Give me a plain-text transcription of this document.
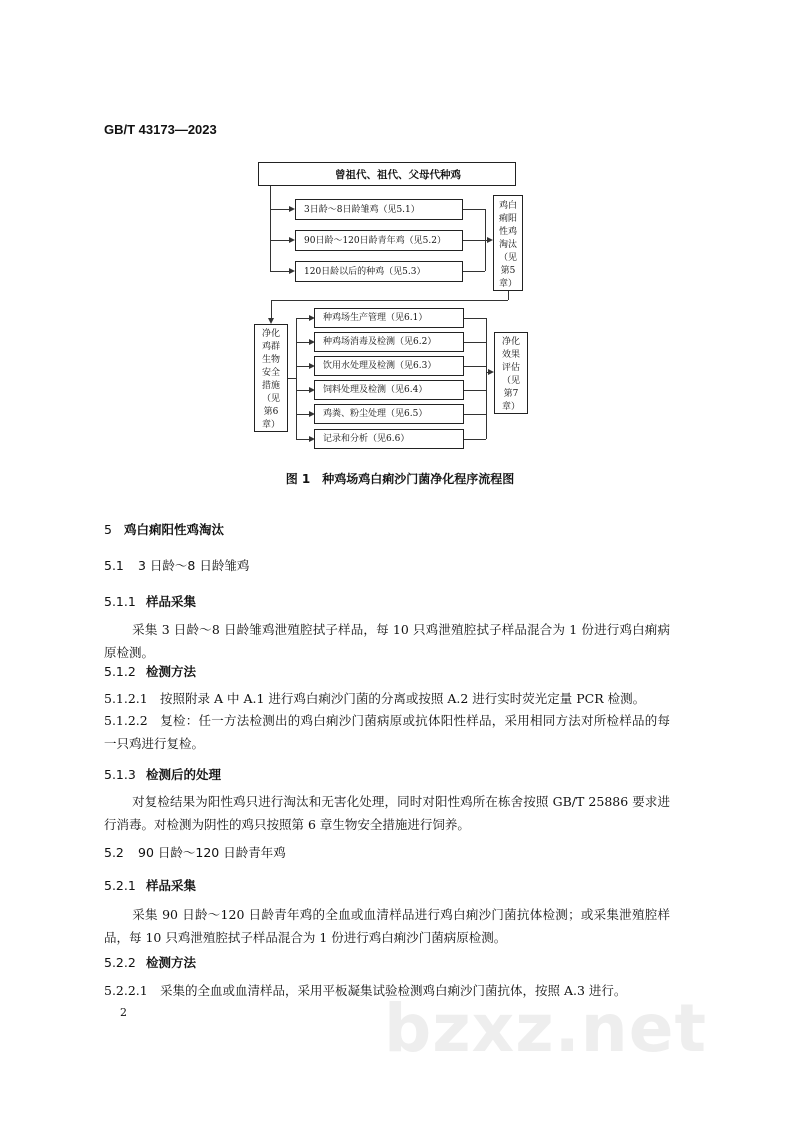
GB/T 43173—2023
曾祖代、祖代、父母代种鸡
3日龄～8日龄雏鸡（见5.1）
90日龄～120日龄青年鸡（见5.2）
120日龄以后的种鸡（见5.3）
鸡白
痢阳
性鸡
淘汰
（见
第5
章）
净化
鸡群
生物
安全
措施
（见
第6
章）
种鸡场生产管理（见6.1）
种鸡场消毒及检测（见6.2）
饮用水处理及检测（见6.3）
饲料处理及检测（见6.4）
鸡粪、粉尘处理（见6.5）
记录和分析（见6.6）
净化
效果
评估
（见
第7
章）
图 1　种鸡场鸡白痢沙门菌净化程序流程图
5 鸡白痢阳性鸡淘汰
5.1 3 日龄～8 日龄雏鸡
5.1.1 样品采集
采集 3 日龄～8 日龄雏鸡泄殖腔拭子样品，每 10 只鸡泄殖腔拭子样品混合为 1 份进行鸡白痢病原检测。
5.1.2 检测方法
5.1.2.1 按照附录 A 中 A.1 进行鸡白痢沙门菌的分离或按照 A.2 进行实时荧光定量 PCR 检测。
5.1.2.2 复检：任一方法检测出的鸡白痢沙门菌病原或抗体阳性样品，采用相同方法对所检样品的每一只鸡进行复检。
5.1.3 检测后的处理
对复检结果为阳性鸡只进行淘汰和无害化处理，同时对阳性鸡所在栋舍按照 GB/T 25886 要求进行消毒。对检测为阴性的鸡只按照第 6 章生物安全措施进行饲养。
5.2 90 日龄～120 日龄青年鸡
5.2.1 样品采集
采集 90 日龄～120 日龄青年鸡的全血或血清样品进行鸡白痢沙门菌抗体检测；或采集泄殖腔样品，每 10 只鸡泄殖腔拭子样品混合为 1 份进行鸡白痢沙门菌病原检测。
5.2.2 检测方法
5.2.2.1 采集的全血或血清样品，采用平板凝集试验检测鸡白痢沙门菌抗体，按照 A.3 进行。
bzxz.net
2
